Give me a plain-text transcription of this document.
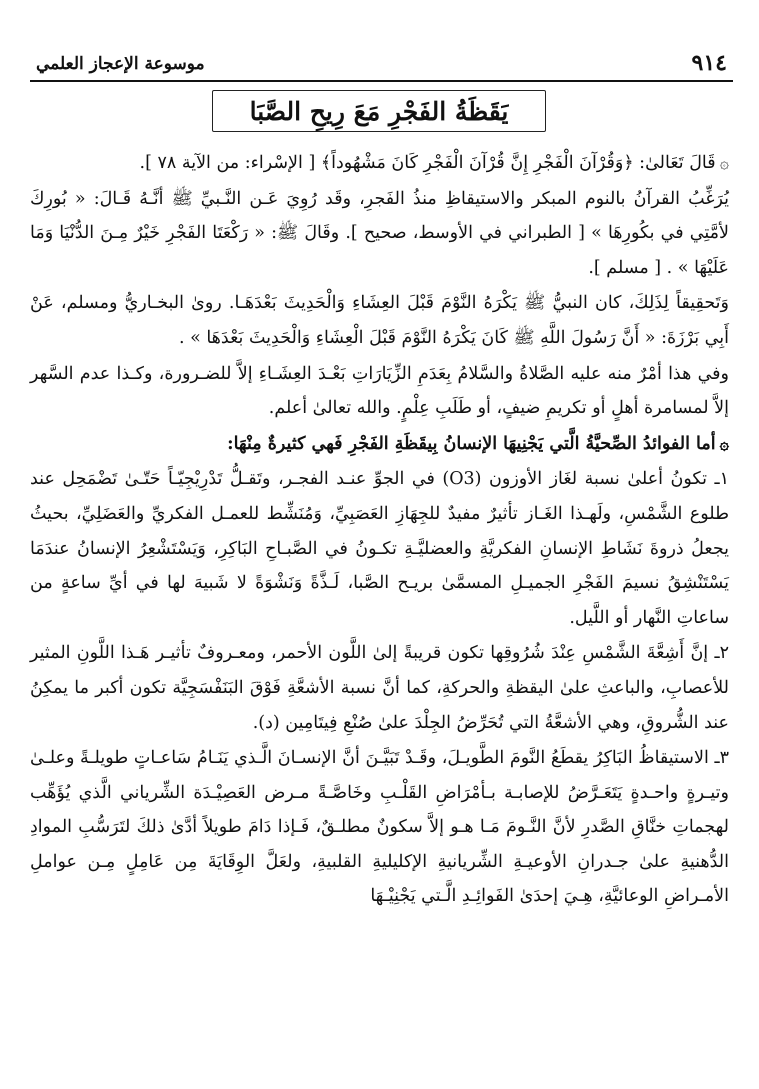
٩١٤
موسوعة الإعجاز العلمي
يَقَظَةُ الفَجْرِ مَعَ رِيحِ الصَّبَا

۞قَالَ تَعَالىٰ: ﴿وَقُرْآنَ الْفَجْرِ إِنَّ قُرْآنَ الْفَجْرِ كَانَ مَشْهُوداً﴾ [ الإسْراء: من الآية ٧٨ ].

يُرَغِّبُ القرآنُ بالنوم المبكر والاستيقاظِ منذُ الفَجرِ، وقَد رُوِيَ عَـن النَّـبيِّ ﷺ أنَّـهُ قَـالَ: « بُورِكَ لأمَّتِي في بكُورِهَا » [ الطبراني في الأوسط، صحيح ]. وقَالَ ﷺ: « رَكْعَتَا الفَجْرِ خَيْرٌ مِـنَ الدُّنْيَا وَمَا عَلَيْهَا » . [ مسلم ].

وَتَحقِيقاً لِذَلِكَ، كان النبيُّ ﷺ يَكْرَهُ النَّوْمَ قَبْلَ العِشَاءِ وَالْحَدِيثَ بَعْدَهَـا. روىٰ البخـاريُّ ومسلم، عَنْ أَبِي بَرْزَةَ: « أَنَّ رَسُولَ اللَّهِ ﷺ كَانَ يَكْرَهُ النَّوْمَ قَبْلَ الْعِشَاءِ وَالْحَدِيثَ بَعْدَهَا » .

وفي هذا أمْرٌ منه عليه الصَّلاةُ والسَّلامُ بِعَدَمِ الزِّيَارَاتِ بَعْـدَ العِشَـاءِ إلاَّ للضـرورة، وكـذا عدم السَّهر إلاَّ لمسامرة أهلٍ أو تكريمِ ضيفٍ، أو طَلَبِ عِلْمٍ. والله تعالىٰ أعلم.

۞أما الفوائدُ الصِّحيَّةُ الَّتي يَجْنِيهَا الإنسانُ بِيقَظَةِ الفَجْرِ فَهي كثيرةٌ مِنْهَا:

١ـ تكونُ أعلىٰ نسبة لغَاز الأوزون (O3) في الجوِّ عنـد الفجـر، وتَقـلُّ تَدْرِيْجِيّـاً حَتّـىٰ تَضْمَحِل عند طلوع الشَّمْسِ، ولَهـذا الغَـاز تأثيرٌ مفيدٌ للجِهَازِ العَصَبِيِّ، وَمُنَشِّط للعمـل الفكريِّ والعَضَلِيِّ، بحيثُ يجعلُ ذروةَ نَشَاطِ الإنسانِ الفكريَّةِ والعضليَّـةِ تكـونُ في الصَّبـاحِ البَاكِرِ، وَيَسْتَشْعِرُ الإنسانُ عندَمَا يَسْتَنْشِقُ نسيمَ الفَجْرِ الجميـلِ المسمَّىٰ بريـح الصَّبا، لَـذَّةً وَنَشْوَةً لا شَبيهَ لها في أيِّ ساعةٍ من ساعاتِ النَّهار أو اللَّيل.

٢ـ إنَّ أَشِعَّةَ الشَّمْسِ عِنْدَ شُرُوقِها تكون قريبةً إلىٰ اللَّون الأحمر، ومعـروفٌ تأثيـر هَـذا اللَّونِ المثير للأعصابِ، والباعثِ علىٰ اليقظةِ والحركةِ، كما أنَّ نسبة الأشعَّةِ فَوْقَ البَنَفْسَجِيَّة تكون أكبر ما يمكِنُ عند الشُّروقِ، وهي الأشعَّةُ التي تُحَرِّضُ الجِلْدَ علىٰ صُنْعِ فِيتَامِين (د).

٣ـ الاستيقاظُ البَاكِرُ يقطَعُ النَّومَ الطَّويـلَ، وقَـدْ تَبَيَّـنَ أنَّ الإنسـانَ الَّـذي يَنَـامُ سَاعـاتٍ طويلـةً وعلـىٰ وتيـرةٍ واحـدةٍ يَتَعَـرَّضُ للإصابـة بـأمْرَاضِ القَلْـبِ وخَاصَّـةً مـرض العَصِيْـدَة الشِّرياني الَّذي يُؤَهِّب لهجماتِ خنَّاقِ الصَّدرِ لأنَّ النَّـومَ مَـا هـو إلاَّ سكونٌ مطلـقٌ، فَـإذا دَامَ طويلاً أدَّىٰ ذلكَ لتَرَسُّبِ الموادِ الدُّهنيةِ علىٰ جـدرانِ الأوعيـةِ الشِّريانيةِ الإكليليةِ القلبيةِ، ولعَلَّ الوِقَايَةَ مِن عَامِلٍ مِـن عواملِ الأمـراضِ الوعائيَّةِ، هِـيَ إحدَىٰ الفَوائِـدِ الَّـتي يَجْنِيْـهَا
